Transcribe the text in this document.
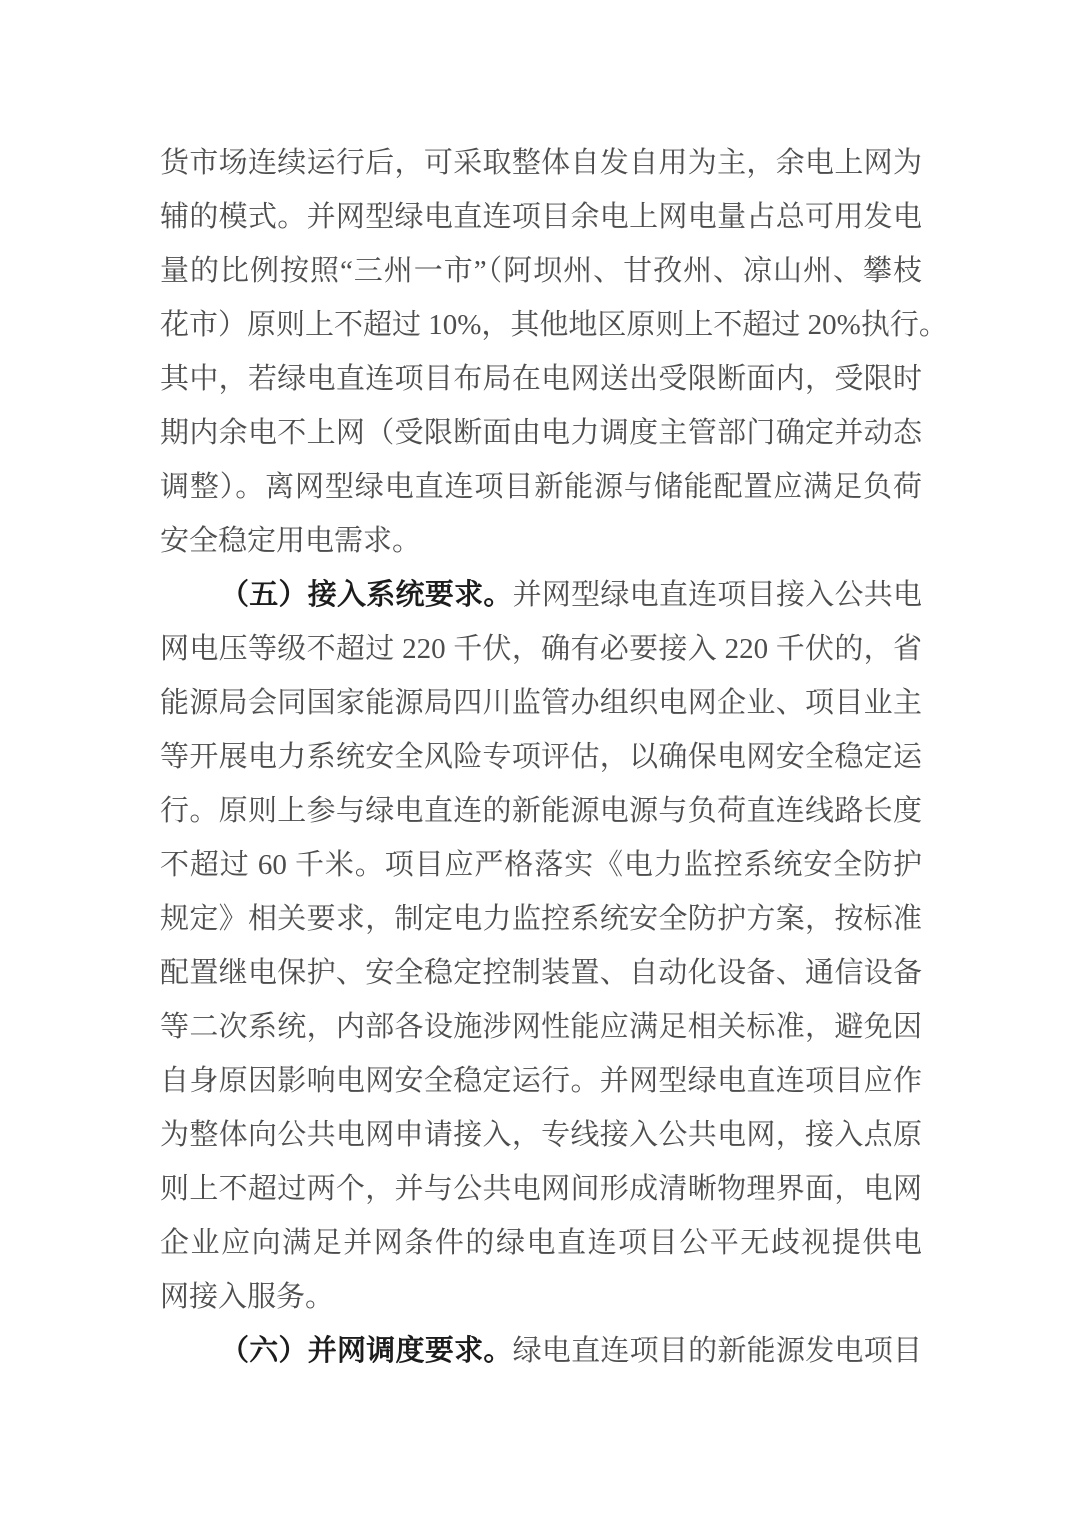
货市场连续运行后，可采取整体自发自用为主，余电上网为
辅的模式。并网型绿电直连项目余电上网电量占总可用发电
量的比例按照“三州一市”（阿坝州、甘孜州、凉山州、攀枝
花市）原则上不超过 10%，其他地区原则上不超过 20%执行。
其中，若绿电直连项目布局在电网送出受限断面内，受限时
期内余电不上网（受限断面由电力调度主管部门确定并动态
调整）。离网型绿电直连项目新能源与储能配置应满足负荷
安全稳定用电需求。
（五）接入系统要求。并网型绿电直连项目接入公共电
网电压等级不超过 220 千伏，确有必要接入 220 千伏的，省
能源局会同国家能源局四川监管办组织电网企业、项目业主
等开展电力系统安全风险专项评估，以确保电网安全稳定运
行。原则上参与绿电直连的新能源电源与负荷直连线路长度
不超过 60 千米。项目应严格落实《电力监控系统安全防护
规定》相关要求，制定电力监控系统安全防护方案，按标准
配置继电保护、安全稳定控制装置、自动化设备、通信设备
等二次系统，内部各设施涉网性能应满足相关标准，避免因
自身原因影响电网安全稳定运行。并网型绿电直连项目应作
为整体向公共电网申请接入，专线接入公共电网，接入点原
则上不超过两个，并与公共电网间形成清晰物理界面，电网
企业应向满足并网条件的绿电直连项目公平无歧视提供电
网接入服务。
（六）并网调度要求。绿电直连项目的新能源发电项目
